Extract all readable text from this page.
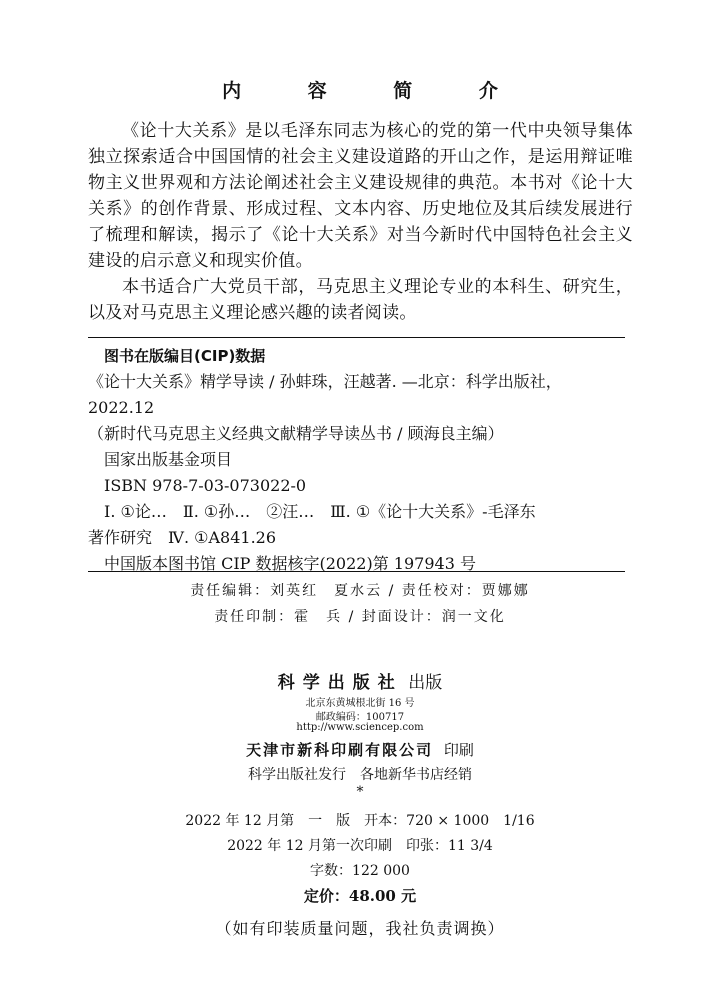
内 容 简 介

《论十大关系》是以毛泽东同志为核心的党的第一代中央领导集体独立探索适合中国国情的社会主义建设道路的开山之作，是运用辩证唯物主义世界观和方法论阐述社会主义建设规律的典范。本书对《论十大关系》的创作背景、形成过程、文本内容、历史地位及其后续发展进行了梳理和解读，揭示了《论十大关系》对当今新时代中国特色社会主义建设的启示意义和现实价值。

本书适合广大党员干部，马克思主义理论专业的本科生、研究生，以及对马克思主义理论感兴趣的读者阅读。

图书在版编目(CIP)数据
《论十大关系》精学导读 / 孙蚌珠，汪越著. —北京：科学出版社，
2022.12
（新时代马克思主义经典文献精学导读丛书 / 顾海良主编）
国家出版基金项目
ISBN 978-7-03-073022-0
Ⅰ. ①论…　Ⅱ. ①孙…　②汪…　Ⅲ. ①《论十大关系》-毛泽东
著作研究　Ⅳ. ①A841.26
中国版本图书馆 CIP 数据核字(2022)第 197943 号
责任编辑：刘英红　夏水云 / 责任校对：贾娜娜
责任印制：霍　兵 / 封面设计：润一文化
科学出版社 出版
北京东黄城根北街 16 号
邮政编码：100717
http://www.sciencep.com
天津市新科印刷有限公司 印刷
科学出版社发行　各地新华书店经销
*
2022 年 12 月第　一　版　开本：720 × 1000　1/16
2022 年 12 月第一次印刷　印张：11 3/4
字数：122 000
定价：48.00 元
（如有印装质量问题，我社负责调换）
